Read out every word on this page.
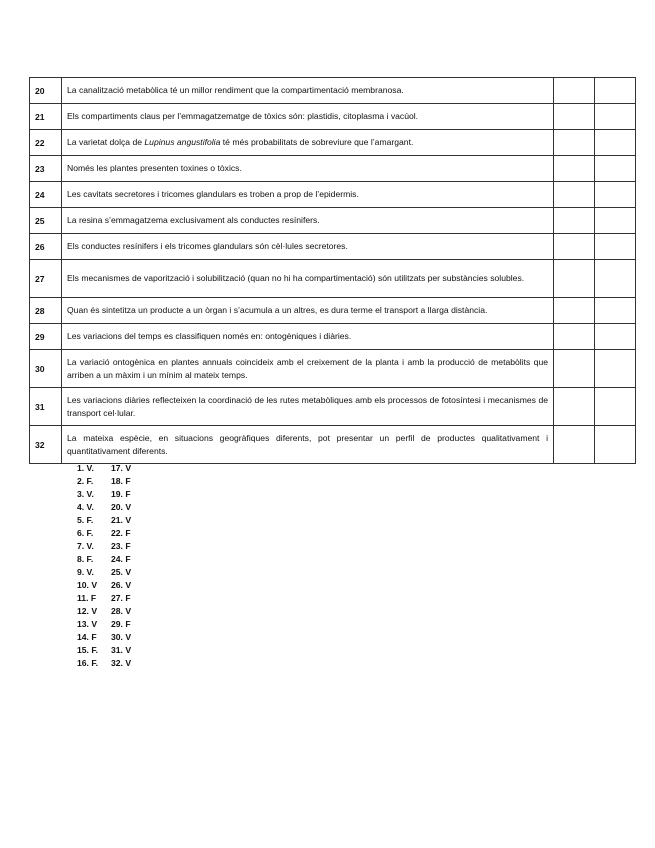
20	La canalització metabòlica té un millor rendiment que la compartimentació membranosa.		
21	Els compartiments claus per l’emmagatzematge de tòxics són: plastidis, citoplasma i vacúol.		
22	La varietat dolça de Lupinus angustifolia té més probabilitats de sobreviure que l’amargant.		
23	Només les plantes presenten toxines o tòxics.		
24	Les cavitats secretores i tricomes glandulars es troben a prop de l’epidermis.		
25	La resina s’emmagatzema exclusivament als conductes resínifers.		
26	Els conductes resínifers i els tricomes glandulars són cèl·lules secretores.		
27	Els mecanismes de vaporització i solubilització (quan no hi ha compartimentació) són utilitzats per substàncies solubles.		
28	Quan és sintetitza un producte a un òrgan i s’acumula a un altres, es dura terme el transport a llarga distància.		
29	Les variacions del temps es classifiquen només en: ontogèniques i diàries.		
30	La variació ontogènica en plantes annuals coincideix amb el creixement de la planta i amb la producció de metabòlits que arriben a un màxim i un mínim al mateix temps.		
31	Les variacions diàries reflecteixen la coordinació de les rutes metabòliques amb els processos de fotosíntesi i mecanismes de transport cel·lular.		
32	La mateixa espècie, en situacions geogràfiques diferents, pot presentar un perfil de productes qualitativament i quantitativament diferents.		
1. V.	17. V
2. F.	18. F
3. V.	19. F
4. V.	20. V
5. F.	21. V
6. F.	22. F
7. V.	23. F
8. F.	24. F
9. V.	25. V
10. V	26. V
11. F	27. F
12. V	28. V
13. V	29. F
14. F	30. V
15. F.	31. V
16. F.	32. V
